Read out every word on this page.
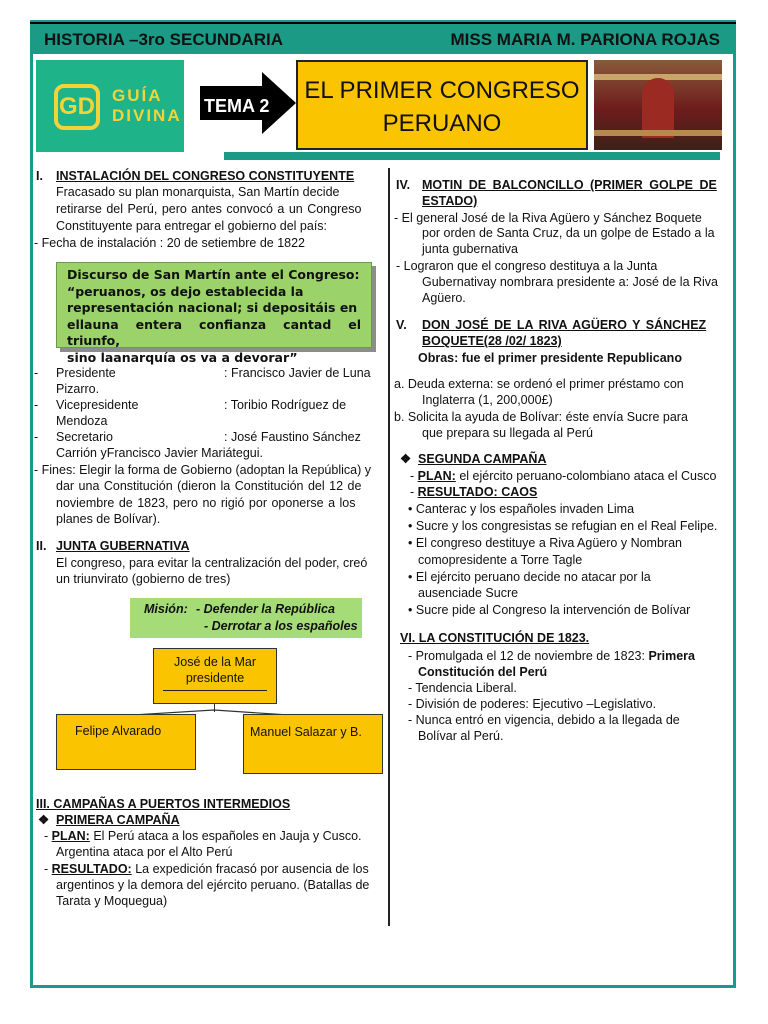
HISTORIA –3ro SECUNDARIA	MISS MARIA M. PARIONA ROJAS
GD GUÍA
DIVINA TEMA 2
EL PRIMER CONGRESO
PERUANO
I. INSTALACIÓN DEL CONGRESO CONSTITUYENTE
Fracasado su plan monarquista, San Martín decide
retirarse del Perú, pero antes convocó a un Congreso
Constituyente para entregar el gobierno del país:
- Fecha de instalación : 20 de setiembre de 1822
Discurso de San Martín ante el Congreso:
“peruanos, os dejo establecida la
representación nacional; si depositáis en
ellauna entera confianza cantad el triunfo,
sino laanarquía os va a devorar”
- Presidente	: Francisco Javier de Luna
Pizarro.
- Vicepresidente	: Toribio Rodríguez de
Mendoza
- Secretario	: José Faustino Sánchez
Carrión yFrancisco Javier Mariátegui.
- Fines: Elegir la forma de Gobierno (adoptan la República) y
dar una Constitución (dieron la Constitución del 12 de
noviembre de 1823, pero no rigió por oponerse a los
planes de Bolívar).
II. JUNTA GUBERNATIVA
El congreso, para evitar la centralización del poder, creó
un triunvirato (gobierno de tres)
Misión: - Defender la República
- Derrotar a los españoles
José de la Mar
presidente
Felipe Alvarado	Manuel Salazar y B.
III. CAMPAÑAS A PUERTOS INTERMEDIOS
❖ PRIMERA CAMPAÑA
- PLAN: El Perú ataca a los españoles en Jauja y Cusco.
Argentina ataca por el Alto Perú
- RESULTADO: La expedición fracasó por ausencia de los
argentinos y la demora del ejército peruano. (Batallas de
Tarata y Moquegua)
IV. MOTIN DE BALCONCILLO (PRIMER GOLPE DE
ESTADO)
- El general José de la Riva Agüero y Sánchez Boquete
por orden de Santa Cruz, da un golpe de Estado a la
junta gubernativa
- Lograron que el congreso destituya a la Junta
Gubernativay nombrara presidente a: José de la Riva
Agüero.
V. DON JOSÉ DE LA RIVA AGÜERO Y SÁNCHEZ
BOQUETE(28 /02/ 1823)
Obras: fue el primer presidente Republicano
a. Deuda externa: se ordenó el primer préstamo con
Inglaterra (1, 200,000£)
b. Solicita la ayuda de Bolívar: éste envía Sucre para
que prepara su llegada al Perú
❖ SEGUNDA CAMPAÑA
- PLAN: el ejército peruano-colombiano ataca el Cusco
- RESULTADO: CAOS
• Canterac y los españoles invaden Lima
• Sucre y los congresistas se refugian en el Real Felipe.
• El congreso destituye a Riva Agüero y Nombran
comopresidente a Torre Tagle
• El ejército peruano decide no atacar por la
ausenciade Sucre
• Sucre pide al Congreso la intervención de Bolívar
VI. LA CONSTITUCIÓN DE 1823.
- Promulgada el 12 de noviembre de 1823: Primera
Constitución del Perú
- Tendencia Liberal.
- División de poderes: Ejecutivo –Legislativo.
- Nunca entró en vigencia, debido a la llegada de
Bolívar al Perú.
